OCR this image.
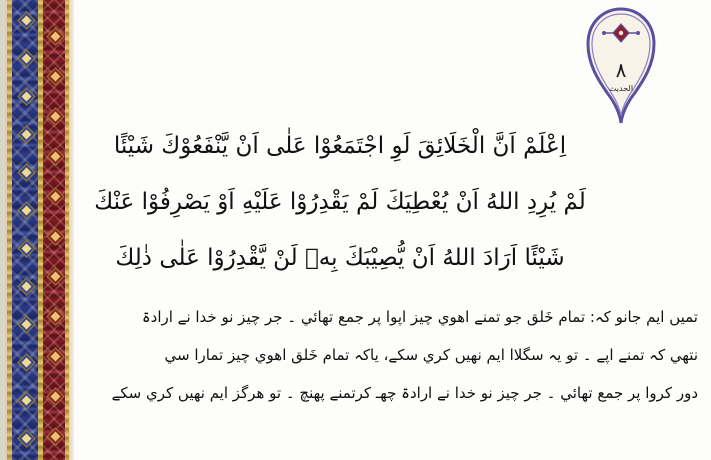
٨
الحدیث
اِعْلَمْ اَنَّ الْخَلَائِقَ لَوِ اجْتَمَعُوْا عَلٰى اَنْ يَّنْفَعُوْكَ شَيْئًا
لَمْ يُرِدِ اللهُ اَنْ يُعْطِيَكَ لَمْ يَقْدِرُوْا عَلَيْهِ اَوْ يَصْرِفُوْا عَنْكَ
شَيْئًا اَرَادَ اللهُ اَنْ يُّصِيْبَكَ بِهٖ لَنْ يَّقْدِرُوْا عَلٰى ذٰلِكَ
تميں ايم جانو كہ: تمام خَلق جو تمنے اهوي چيز اپوا پر جمع تهائي ۔ جر چيز نو خدا نے ارادۃ
نتهي كہ تمنے اپے ۔ تو يہ سگلاا ايم نهيں كري سكے، ياكہ تمام خَلق اهوي چيز تمارا سي
دور كروا پر جمع تهائي ۔ جر چيز نو خدا نے ارادۃ چهـ كرتمنے پهنچ ۔ تو هرگز ايم نهيں كري سكے
